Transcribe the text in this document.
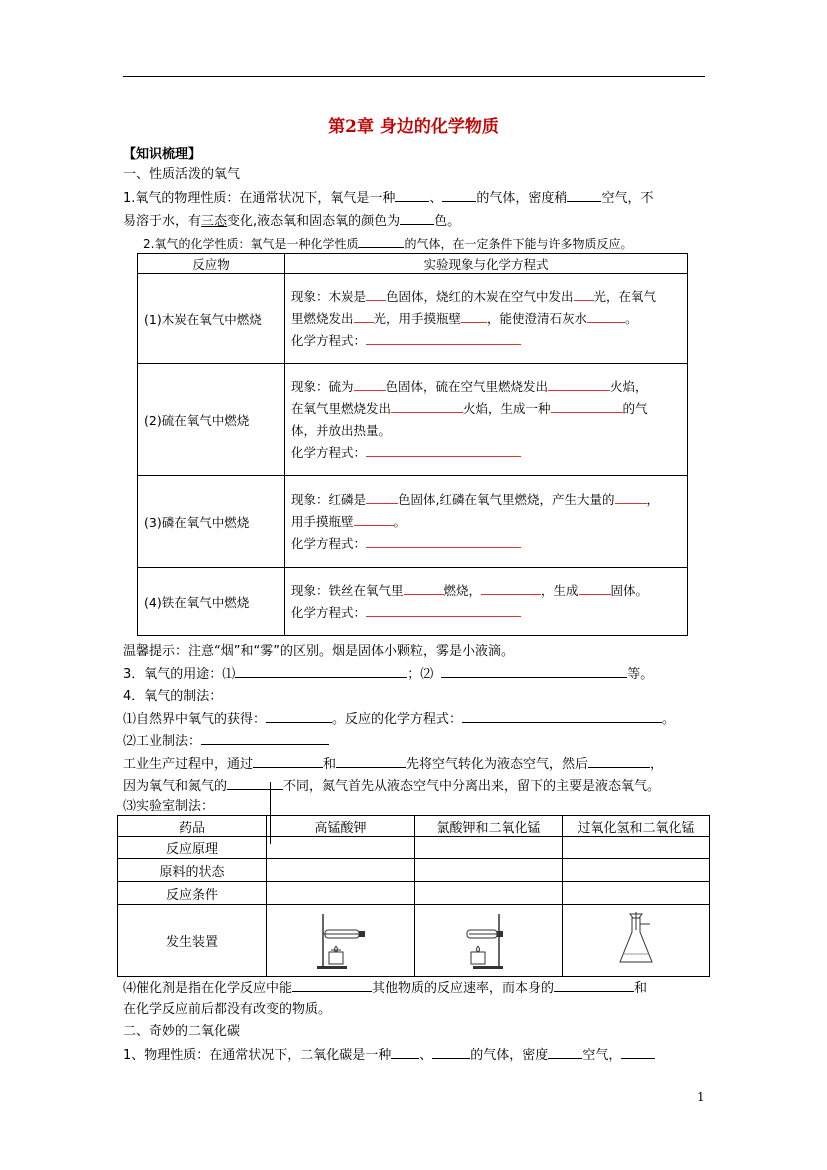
第2章 身边的化学物质
【知识梳理】
一、性质活泼的氧气
1.氧气的物理性质：在通常状况下，氧气是一种	、	的气体，密度稍	空气，不
易溶于水，有三态变化,液态氧和固态氧的颜色为	色。
2.氧气的化学性质：氧气是一种化学性质	的气体，在一定条件下能与许多物质反应。
反应物	实验现象与化学方程式
(1)木炭在氧气中燃烧	现象：木炭是 色固体，烧红的木炭在空气中发出 光，在氧气
里燃烧发出 光，用手摸瓶壁 ，能使澄清石灰水 。
化学方程式：

(2)硫在氧气中燃烧	现象：硫为 色固体，硫在空气里燃烧发出 火焰，
在氧气里燃烧发出 火焰，生成一种 的气
体，并放出热量。
化学方程式：

(3)磷在氧气中燃烧	现象：红磷是 色固体,红磷在氧气里燃烧，产生大量的 ，
用手摸瓶壁 。
化学方程式：

(4)铁在氧气中燃烧	现象：铁丝在氧气里 燃烧， ，生成 固体。
化学方程式：
温馨提示：注意“烟”和“雾”的区别。烟是固体小颗粒，雾是小液滴。
3．氧气的用途：⑴	；⑵	等。
4．氧气的制法：
⑴自然界中氧气的获得：	。反应的化学方程式：	。
⑵工业制法：
工业生产过程中，通过	和	先将空气转化为液态空气，然后	，
因为氧气和氮气的	不同，氮气首先从液态空气中分离出来，留下的主要是液态氧气。
⑶实验室制法：
药品	高锰酸钾	氯酸钾和二氧化锰	过氧化氢和二氧化锰
反应原理			
原料的状态			
反应条件			
发生装置	

⑷催化剂是指在化学反应中能	其他物质的反应速率，而本身的	和
在化学反应前后都没有改变的物质。
二、奇妙的二氧化碳
1、物理性质：在通常状况下，二氧化碳是一种 、	的气体，密度	空气，
1
